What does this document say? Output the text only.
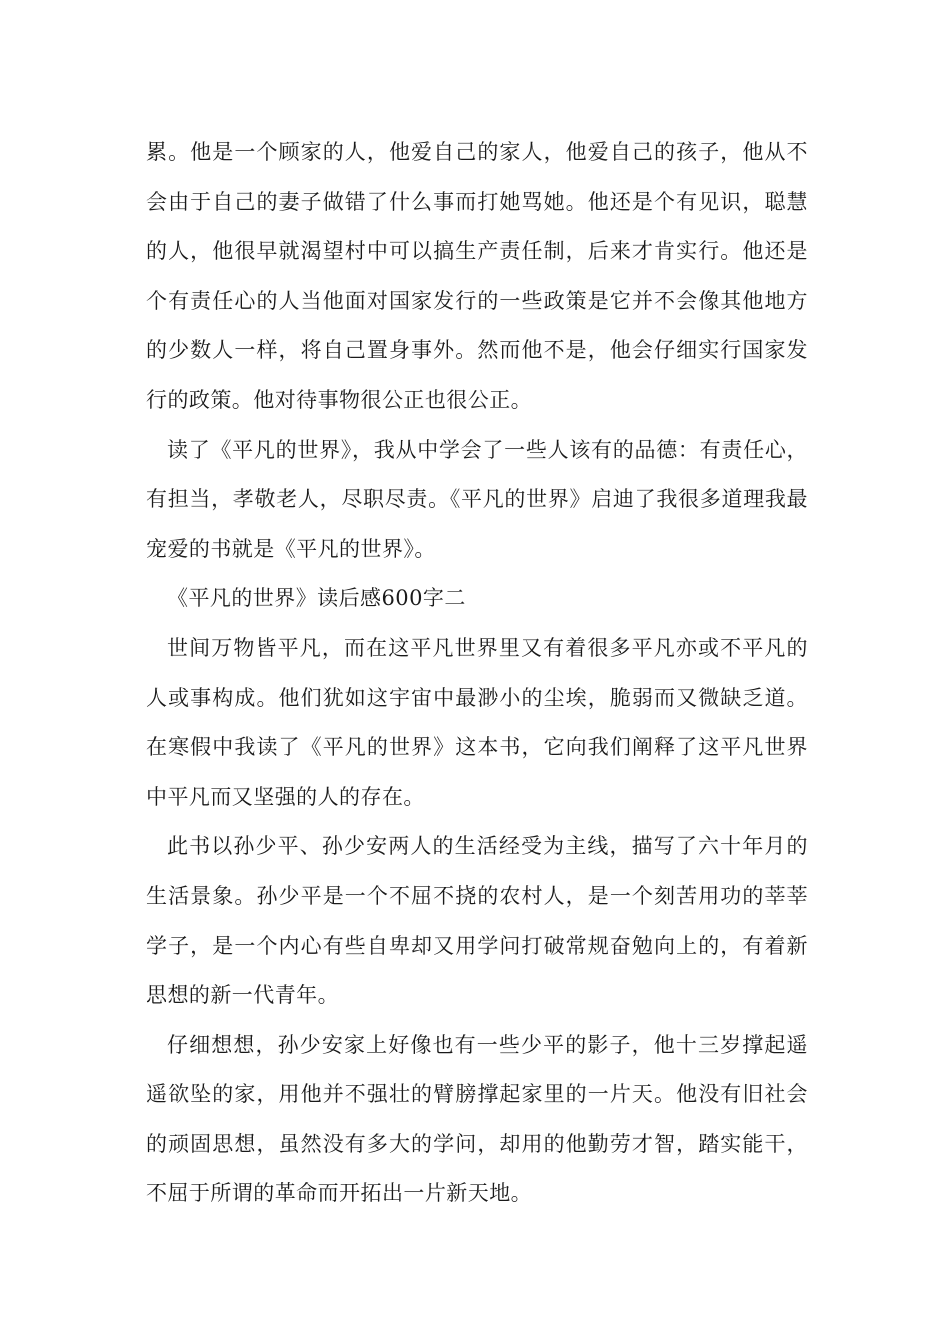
累。他是一个顾家的人，他爱自己的家人，他爱自己的孩子，他从不会由于自己的妻子做错了什么事而打她骂她。他还是个有见识，聪慧的人，他很早就渴望村中可以搞生产责任制，后来才肯实行。他还是个有责任心的人当他面对国家发行的一些政策是它并不会像其他地方的少数人一样，将自己置身事外。然而他不是，他会仔细实行国家发行的政策。他对待事物很公正也很公正。

读了《平凡的世界》，我从中学会了一些人该有的品德：有责任心，有担当，孝敬老人，尽职尽责。《平凡的世界》启迪了我很多道理我最宠爱的书就是《平凡的世界》。

《平凡的世界》读后感600字二

世间万物皆平凡，而在这平凡世界里又有着很多平凡亦或不平凡的人或事构成。他们犹如这宇宙中最渺小的尘埃，脆弱而又微缺乏道。在寒假中我读了《平凡的世界》这本书，它向我们阐释了这平凡世界中平凡而又坚强的人的存在。

此书以孙少平、孙少安两人的生活经受为主线，描写了六十年月的生活景象。孙少平是一个不屈不挠的农村人，是一个刻苦用功的莘莘学子，是一个内心有些自卑却又用学问打破常规奋勉向上的，有着新思想的新一代青年。

仔细想想，孙少安家上好像也有一些少平的影子，他十三岁撑起遥遥欲坠的家，用他并不强壮的臂膀撑起家里的一片天。他没有旧社会的顽固思想，虽然没有多大的学问，却用的他勤劳才智，踏实能干，不屈于所谓的革命而开拓出一片新天地。
